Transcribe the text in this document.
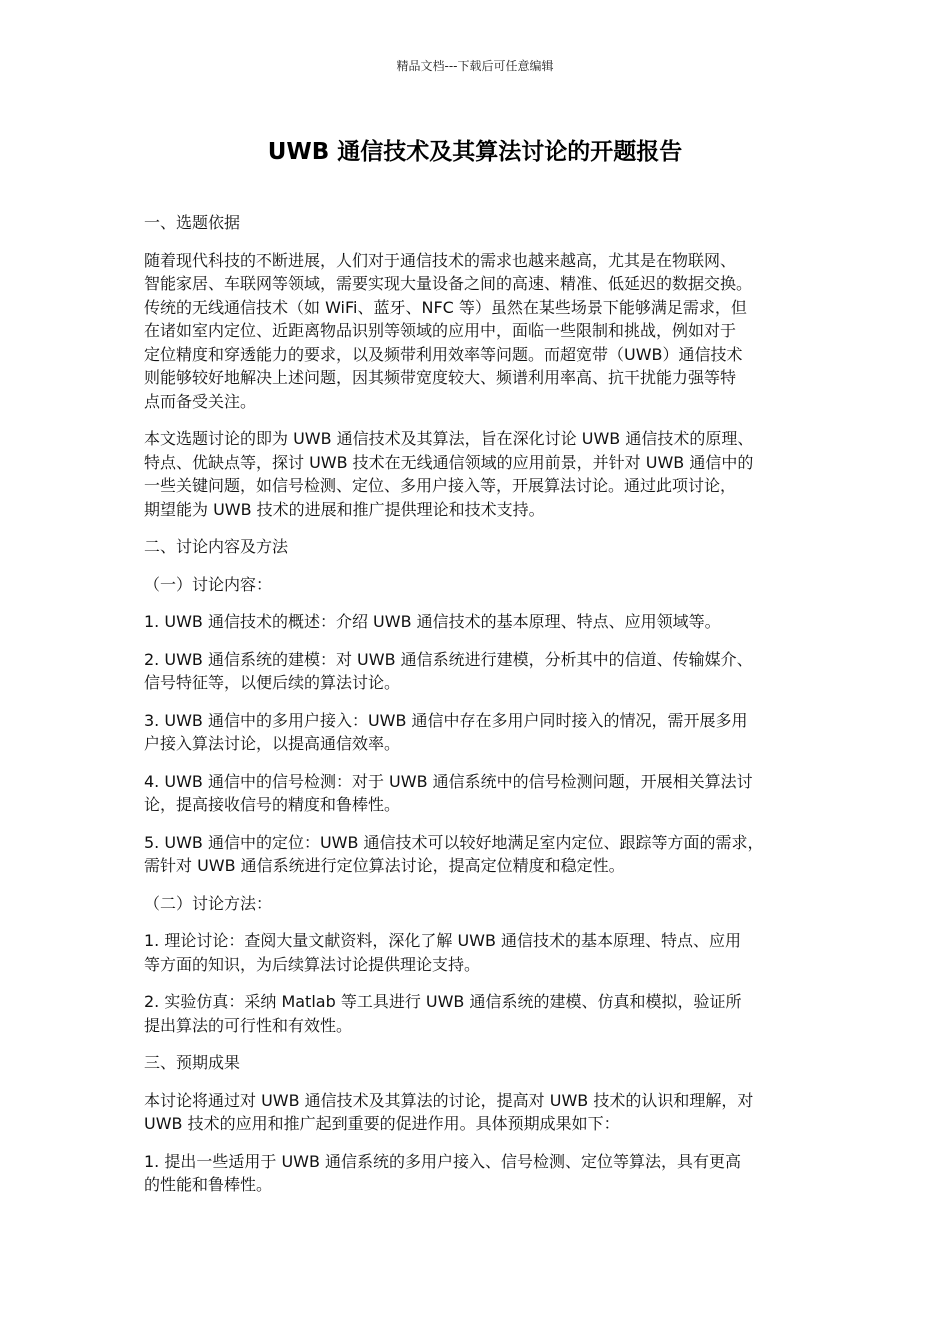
精品文档---下载后可任意编辑
UWB 通信技术及其算法讨论的开题报告

一、选题依据

随着现代科技的不断进展，人们对于通信技术的需求也越来越高，尤其是在物联网、
智能家居、车联网等领域，需要实现大量设备之间的高速、精准、低延迟的数据交换。
传统的无线通信技术（如 WiFi、蓝牙、NFC 等）虽然在某些场景下能够满足需求，但
在诸如室内定位、近距离物品识别等领域的应用中，面临一些限制和挑战，例如对于
定位精度和穿透能力的要求，以及频带利用效率等问题。而超宽带（UWB）通信技术
则能够较好地解决上述问题，因其频带宽度较大、频谱利用率高、抗干扰能力强等特
点而备受关注。

本文选题讨论的即为 UWB 通信技术及其算法，旨在深化讨论 UWB 通信技术的原理、
特点、优缺点等，探讨 UWB 技术在无线通信领域的应用前景，并针对 UWB 通信中的
一些关键问题，如信号检测、定位、多用户接入等，开展算法讨论。通过此项讨论，
期望能为 UWB 技术的进展和推广提供理论和技术支持。

二、讨论内容及方法

（一）讨论内容：

1. UWB 通信技术的概述：介绍 UWB 通信技术的基本原理、特点、应用领域等。

2. UWB 通信系统的建模：对 UWB 通信系统进行建模，分析其中的信道、传输媒介、
信号特征等，以便后续的算法讨论。

3. UWB 通信中的多用户接入：UWB 通信中存在多用户同时接入的情况，需开展多用
户接入算法讨论，以提高通信效率。

4. UWB 通信中的信号检测：对于 UWB 通信系统中的信号检测问题，开展相关算法讨
论，提高接收信号的精度和鲁棒性。

5. UWB 通信中的定位：UWB 通信技术可以较好地满足室内定位、跟踪等方面的需求，
需针对 UWB 通信系统进行定位算法讨论，提高定位精度和稳定性。

（二）讨论方法：

1. 理论讨论：查阅大量文献资料，深化了解 UWB 通信技术的基本原理、特点、应用
等方面的知识，为后续算法讨论提供理论支持。

2. 实验仿真：采纳 Matlab 等工具进行 UWB 通信系统的建模、仿真和模拟，验证所
提出算法的可行性和有效性。

三、预期成果

本讨论将通过对 UWB 通信技术及其算法的讨论，提高对 UWB 技术的认识和理解，对
UWB 技术的应用和推广起到重要的促进作用。具体预期成果如下：

1. 提出一些适用于 UWB 通信系统的多用户接入、信号检测、定位等算法，具有更高
的性能和鲁棒性。
